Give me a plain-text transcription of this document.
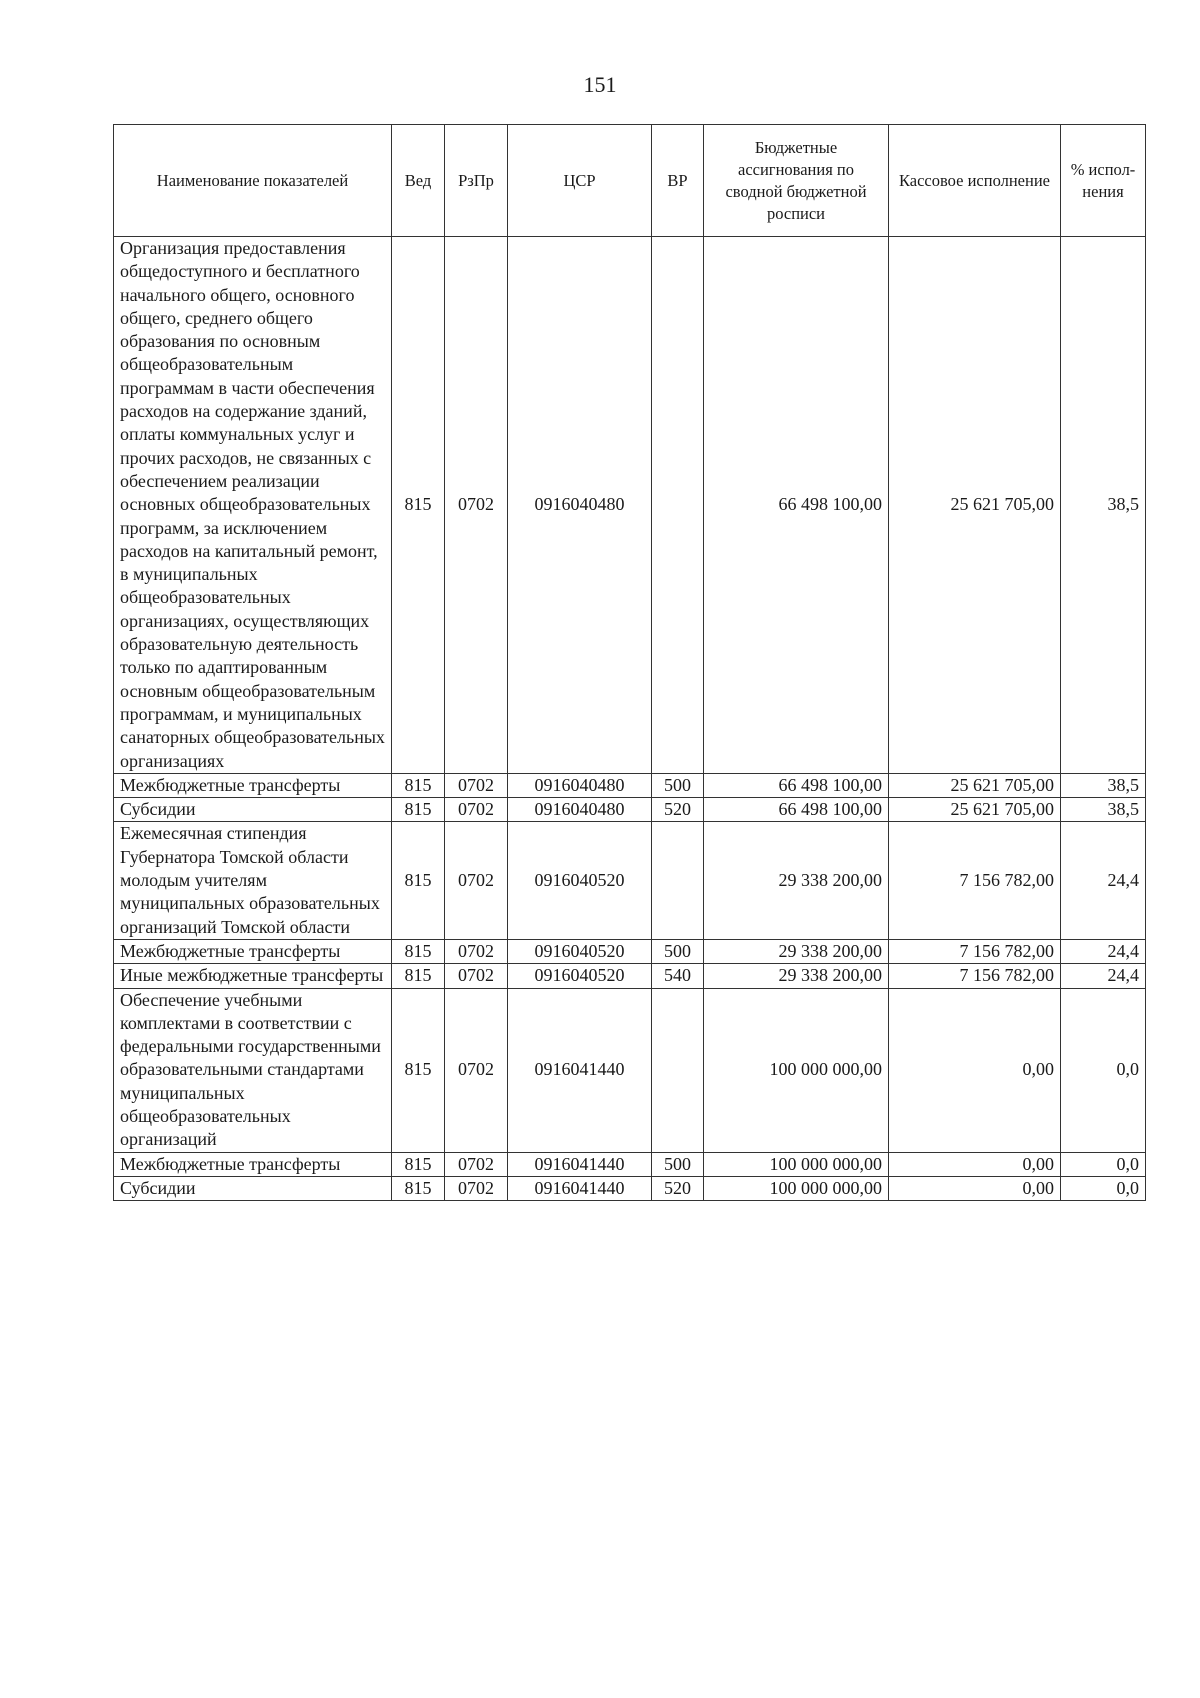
151
Наименование показателей	Вед	РзПр	ЦСР	ВР	Бюджетные ассигнования по сводной бюджетной росписи	Кассовое исполнение	% испол-нения
Организация предоставления общедоступного и бесплатного начального общего, основного общего, среднего общего образования по основным общеобразовательным программам в части обеспечения расходов на содержание зданий, оплаты коммунальных услуг и прочих расходов, не связанных с обеспечением реализации основных общеобразовательных программ, за исключением расходов на капитальный ремонт, в муниципальных общеобразовательных организациях, осуществляющих образовательную деятельность только по адаптированным основным общеобразовательным программам, и муниципальных санаторных общеобразовательных организациях	815	0702	0916040480		66 498 100,00	25 621 705,00	38,5
Межбюджетные трансферты	815	0702	0916040480	500	66 498 100,00	25 621 705,00	38,5
Субсидии	815	0702	0916040480	520	66 498 100,00	25 621 705,00	38,5
Ежемесячная стипендия Губернатора Томской области молодым учителям муниципальных образовательных организаций Томской области	815	0702	0916040520		29 338 200,00	7 156 782,00	24,4
Межбюджетные трансферты	815	0702	0916040520	500	29 338 200,00	7 156 782,00	24,4
Иные межбюджетные трансферты	815	0702	0916040520	540	29 338 200,00	7 156 782,00	24,4
Обеспечение учебными комплектами в соответствии с федеральными государственными образовательными стандартами муниципальных общеобразовательных организаций	815	0702	0916041440		100 000 000,00	0,00	0,0
Межбюджетные трансферты	815	0702	0916041440	500	100 000 000,00	0,00	0,0
Субсидии	815	0702	0916041440	520	100 000 000,00	0,00	0,0
